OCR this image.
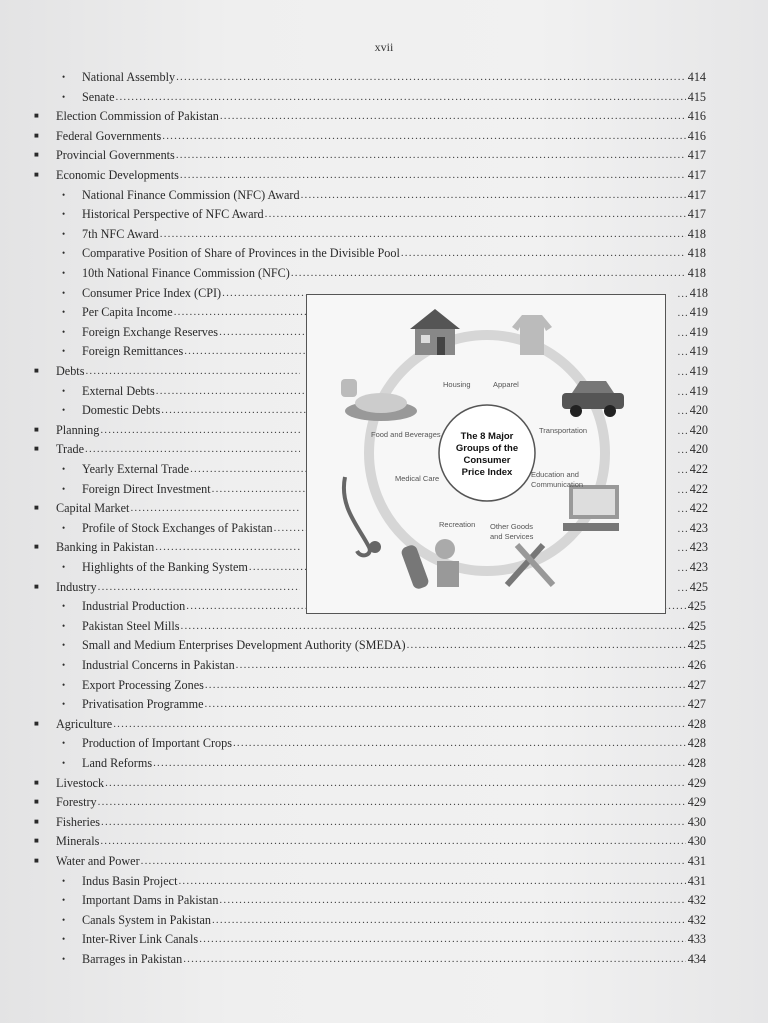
xvii
•	National Assembly .....	414
•	Senate .....	415
■ Election Commission of Pakistan .....	416
■ Federal Governments .....	416
■ Provincial Governments .....	417
■ Economic Developments .....	417
•	National Finance Commission (NFC) Award .....	417
•	Historical Perspective of NFC Award .....	417
•	7th NFC Award .....	418
•	Comparative Position of Share of Provinces in the Divisible Pool .....	418
•	10th National Finance Commission (NFC) .....	418
•	Consumer Price Index (CPI) .....	...418
•	Per Capita Income .....	...419
•	Foreign Exchange Reserves .....	...419
•	Foreign Remittances .....	...419
■ Debts .....	...419
•	External Debts .....	...419
•	Domestic Debts .....	...420
■ Planning .....	...420
■ Trade .....	...420
•	Yearly External Trade .....	...422
•	Foreign Direct Investment .....	...422
■ Capital Market .....	...422
•	Profile of Stock Exchanges of Pakistan .....	...423
■ Banking in Pakistan .....	...423
•	Highlights of the Banking System .....	...423
■ Industry .....	...425
•	Industrial Production .....	425
•	Pakistan Steel Mills .....	425
•	Small and Medium Enterprises Development Authority (SMEDA) .....	425
•	Industrial Concerns in Pakistan .....	426
•	Export Processing Zones .....	427
•	Privatisation Programme .....	427
■ Agriculture .....	428
•	Production of Important Crops .....	428
•	Land Reforms .....	428
■ Livestock .....	429
■ Forestry .....	429
■ Fisheries .....	430
■ Minerals .....	430
■ Water and Power .....	431
•	Indus Basin Project .....	431
•	Important Dams in Pakistan .....	432
•	Canals System in Pakistan .....	432
•	Inter-River Link Canals .....	433
•	Barrages in Pakistan .....	434
Housing	Apparel
Transportation
Education and
Communication
Other Goods
and Services
Recreation
Medical Care
Food and Beverages The 8 Major
Groups of the
Consumer
Price Index
